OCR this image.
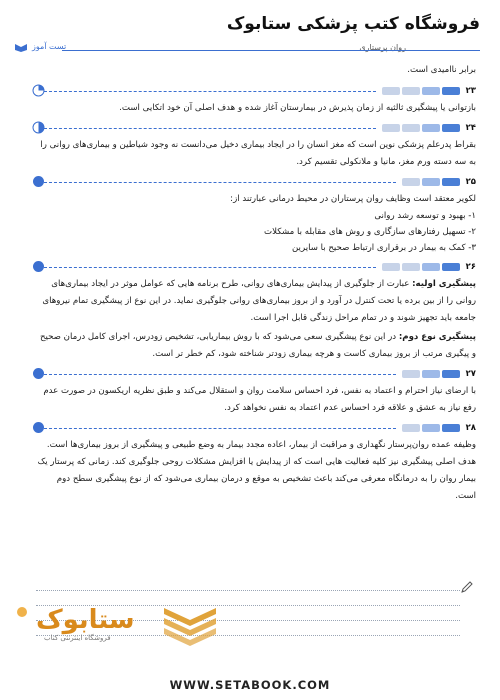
فروشگاه کتب پزشکی ستابوک
روان پرستاری
تست آموز
برابر ناامیدی است.
۲۳
بازتوانی یا پیشگیری ثالثیه از زمان پذیرش در بیمارستان آغاز شده و هدف اصلی آن خود اتکایی است.
۲۴
بقراط پدرعلم پزشکی نوین است که مغز انسان را در ایجاد بیماری دخیل می‌دانست نه وجود شیاطین و بیماری‌های روانی را به سه دسته ورم مغز، مانیا و ملانکولی تقسیم کرد.
۲۵
لکویر معتقد است وظایف روان پرستاران در محیط درمانی عبارتند از:
۱- بهبود و توسعه رشد روانی
۲- تسهیل رفتارهای سازگاری و روش های مقابله با مشکلات
۳- کمک به بیمار در برقراری ارتباط صحیح با سایرین
۲۶
پیشگیری اولیه: عبارت از جلوگیری از پیدایش بیماری‌های روانی، طرح برنامه هایی که عوامل موثر در ایجاد بیماری‌های روانی را از بین برده یا تحت کنترل در آورد و از بروز بیماری‌های روانی جلوگیری نماید. در این نوع از پیشگیری تمام نیروهای جامعه باید تجهیز شوند و در تمام مراحل زندگی قابل اجرا است.
پیشگیری نوع دوم: در این نوع پیشگیری سعی می‌شود که با روش بیماریابی، تشخیص زودرس، اجرای کامل درمان صحیح و پیگیری مرتب از بروز بیماری کاست و هرچه بیماری زودتر شناخته شود، کم خطر تر است.
۲۷
با ارضای نیاز احترام و اعتماد به نفس، فرد احساس سلامت روان و استقلال می‌کند و طبق نظریه اریکسون در صورت عدم رفع نیاز به عشق و علاقه فرد احساس عدم اعتماد به نفس نخواهد کرد.
۲۸
وظیفه عمده روان‌پرستار نگهداری و مراقبت از بیمار، اعاده مجدد بیمار به وضع طبیعی و پیشگیری از بروز بیماری‌ها است. هدف اصلی پیشگیری نیز کلیه فعالیت هایی است که از پیدایش یا افزایش مشکلات روحی جلوگیری کند. زمانی که پرستار یک بیمار روان را به درمانگاه معرفی می‌کند باعث تشخیص به موقع و درمان بیماری می‌شود که از نوع پیشگیری سطح دوم است.
ستابوک
فروشگاه اینترنتی کتاب
WWW.SETABOOK.COM
